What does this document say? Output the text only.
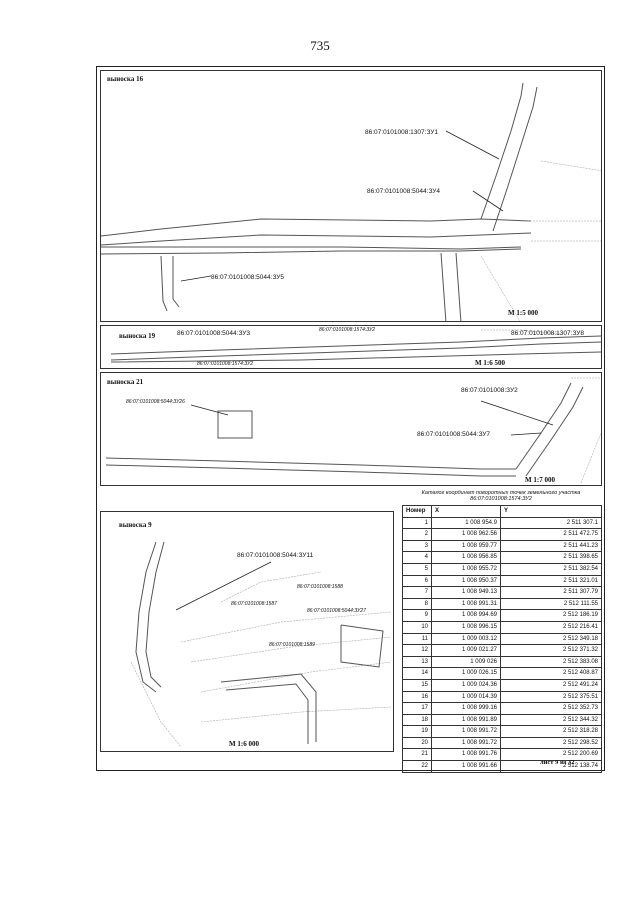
735
выноска 16
86:07:0101008:1307:ЗУ1
86:07:0101008:5044:ЗУ4
86:07:0101008:5044:ЗУ5
М 1:5 000
выноска 19	86:07:0101008:5044:ЗУ3	86:07:0101008:1574:ЗУ2	86:07:0101008:1307:ЗУ8
86:07:0101008:1574:ЗУ2	М 1:6 500
выноска 21
86:07:0101008:5044:ЗУ26
86:07:0101008:ЗУ2
86:07:0101008:5044:ЗУ7
М 1:7 000
выноска 9
86:07:0101008:5044:ЗУ11
86:07:0101008:1588
86:07:0101008:1587
86:07:0101008:5044:ЗУ27
86:07:0101008:1589
М 1:6 000
Каталог координат поворотных точек земельного участка 86:07:0101008:1574:ЗУ2
Номер	X	Y
1	1 008 954.9	2 511 307.1
2	1 008 962.56	2 511 472.75
3	1 008 959.77	2 511 441.23
4	1 008 956.85	2 511 398.65
5	1 008 955.72	2 511 382.54
6	1 008 950.37	2 511 321.01
7	1 008 949.13	2 511 307.79
8	1 008 991.31	2 512 111.55
9	1 008 994.69	2 512 186.19
10	1 008 996.15	2 512 216.41
11	1 009 003.12	2 512 349.18
12	1 009 021.27	2 512 371.32
13	1 009 026	2 512 383.08
14	1 009 026.15	2 512 408.87
15	1 009 024.36	2 512 491.24
16	1 009 014.39	2 512 375.51
17	1 008 999.16	2 512 352.73
18	1 008 991.89	2 512 344.32
19	1 008 991.72	2 512 318.28
20	1 008 991.72	2 512 298.52
21	1 008 991.76	2 512 200.69
22	1 008 991.66	2 512 138.74
лист 9 из 32
